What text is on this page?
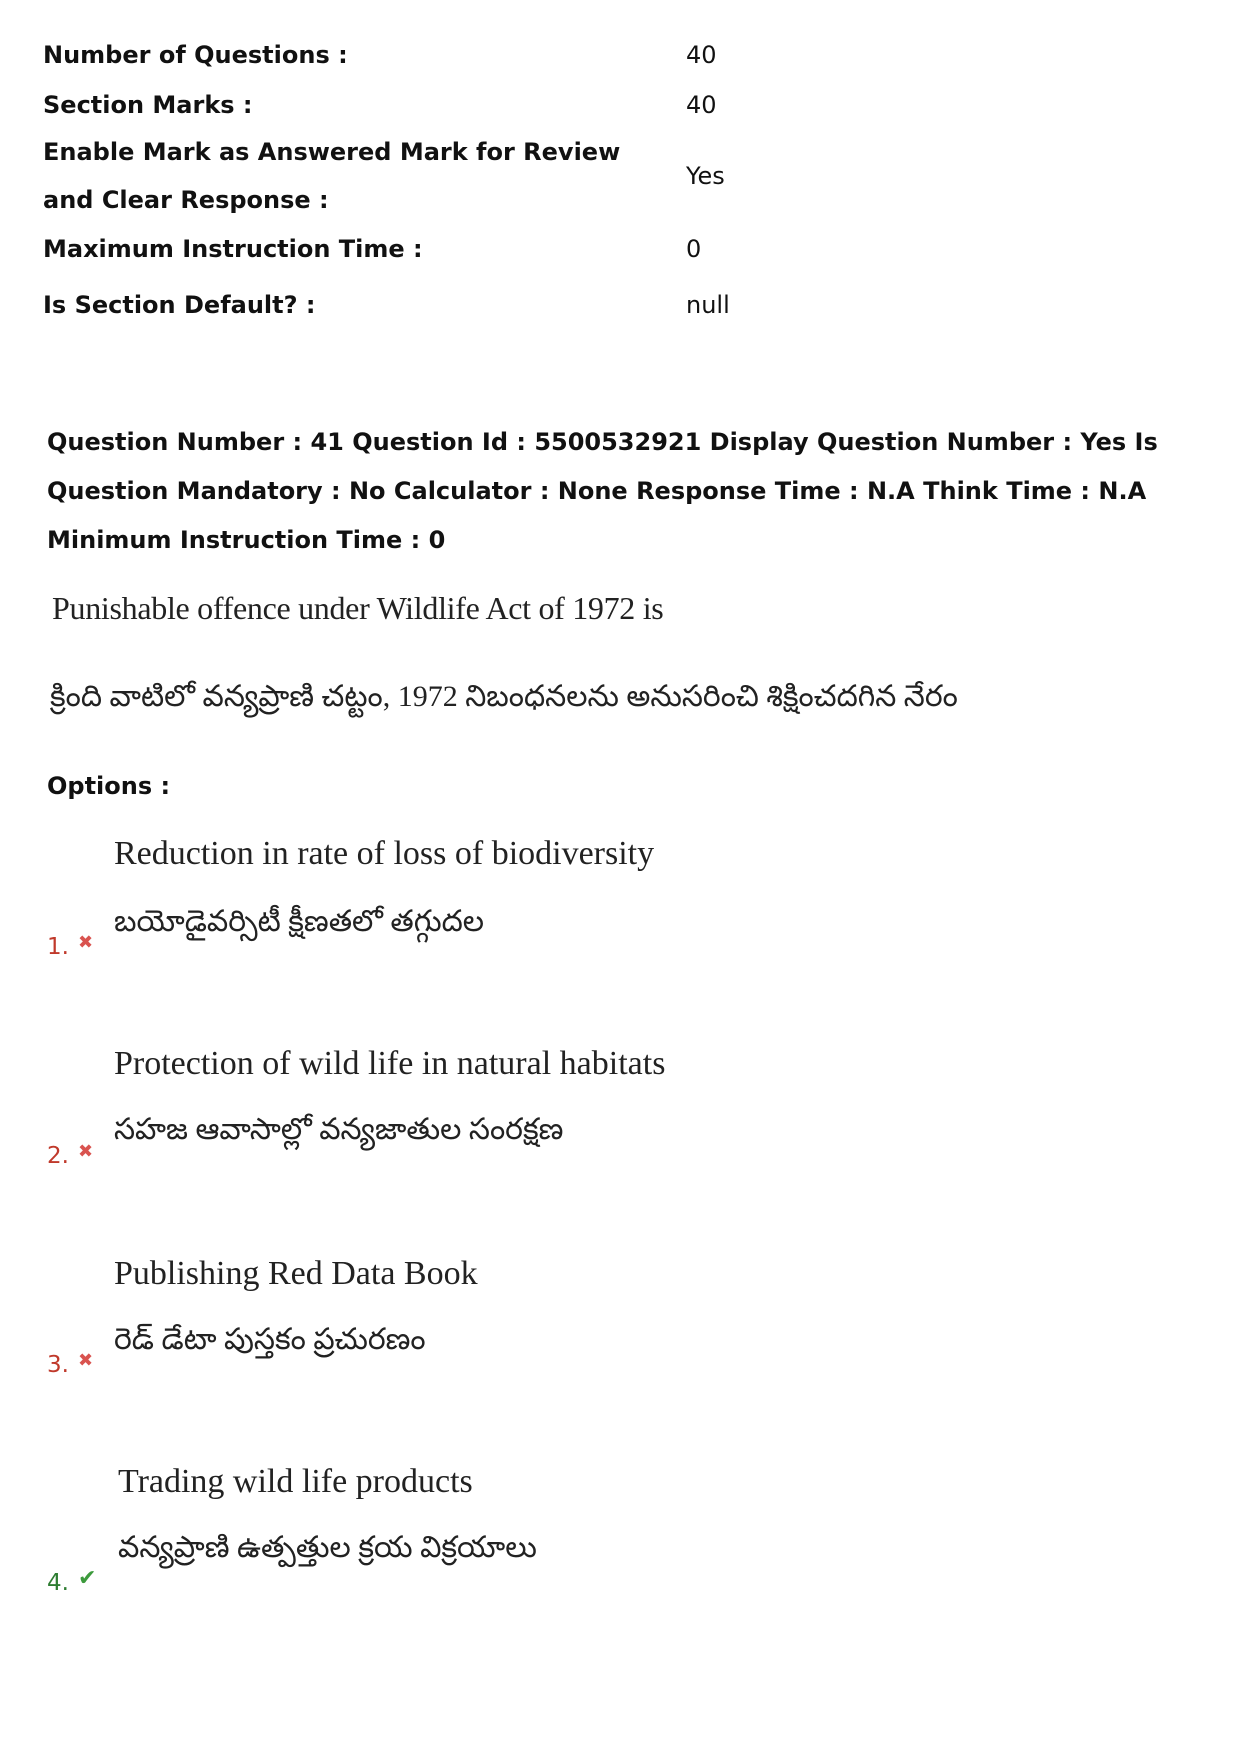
Number of Questions :	40
Section Marks :	40
Enable Mark as Answered Mark for Review and Clear Response :
Yes
Maximum Instruction Time :	0
Is Section Default? :	null
Question Number : 41 Question Id : 5500532921 Display Question Number : Yes Is Question Mandatory : No Calculator : None Response Time : N.A Think Time : N.A Minimum Instruction Time : 0
Punishable offence under Wildlife Act of 1972 is
క్రింది వాటిలో వన్యప్రాణి చట్టం, 1972 నిబంధనలను అనుసరించి శిక్షించదగిన నేరం
Options :
Reduction in rate of loss of biodiversity
బయోడైవర్సిటీ క్షీణతలో తగ్గుదల
1. ✖
Protection of wild life in natural habitats
సహజ ఆవాసాల్లో వన్యజాతుల సంరక్షణ
2. ✖
Publishing Red Data Book
రెడ్ డేటా పుస్తకం ప్రచురణం
3. ✖
Trading wild life products
వన్యప్రాణి ఉత్పత్తుల క్రయ విక్రయాలు
4. ✔
